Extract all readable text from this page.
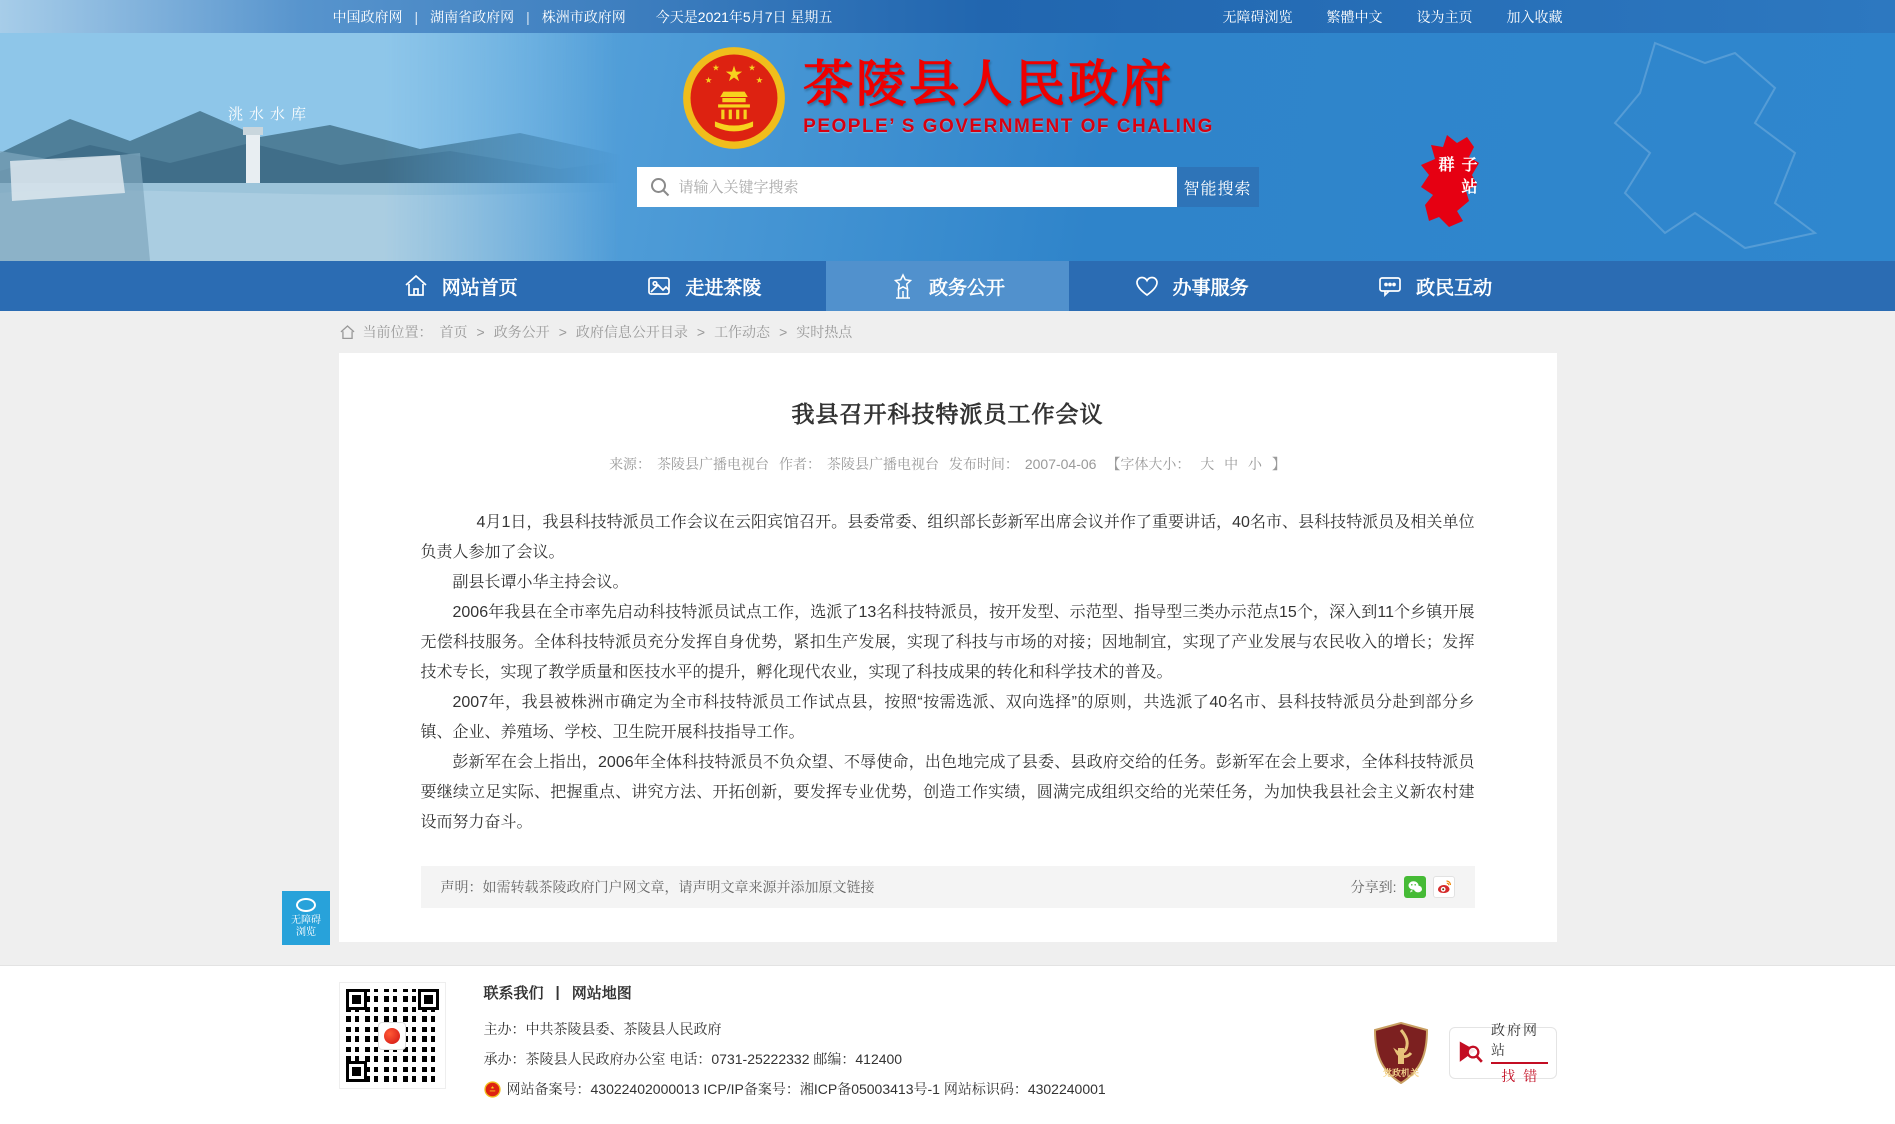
中国政府网 | 湖南省政府网 | 株洲市政府网 今天是2021年5月7日 星期五	无障碍浏览 繁體中文 设为主页 加入收藏
洮水水库
★
★	★
★	★ 茶陵县人民政府
PEOPLE’ S GOVERNMENT OF CHALING
请输入关键字搜索
智能搜索	子站群
网站首页	走进茶陵	政务公开	办事服务	政民互动
当前位置： 首页 > 政务公开 > 政府信息公开目录 > 工作动态 > 实时热点
我县召开科技特派员工作会议
来源： 茶陵县广播电视台 作者： 茶陵县广播电视台 发布时间： 2007-04-06 【字体大小： 大 中 小 】

4月1日，我县科技特派员工作会议在云阳宾馆召开。县委常委、组织部长彭新军出席会议并作了重要讲话，40名市、县科技特派员及相关单位负责人参加了会议。

副县长谭小华主持会议。

2006年我县在全市率先启动科技特派员试点工作，选派了13名科技特派员，按开发型、示范型、指导型三类办示范点15个，深入到11个乡镇开展无偿科技服务。全体科技特派员充分发挥自身优势，紧扣生产发展，实现了科技与市场的对接；因地制宜，实现了产业发展与农民收入的增长；发挥技术专长，实现了教学质量和医技水平的提升，孵化现代农业，实现了科技成果的转化和科学技术的普及。

2007年，我县被株洲市确定为全市科技特派员工作试点县，按照“按需选派、双向选择”的原则，共选派了40名市、县科技特派员分赴到部分乡镇、企业、养殖场、学校、卫生院开展科技指导工作。

彭新军在会上指出，2006年全体科技特派员不负众望、不辱使命，出色地完成了县委、县政府交给的任务。彭新军在会上要求，全体科技特派员要继续立足实际、把握重点、讲究方法、开拓创新，要发挥专业优势，创造工作实绩，圆满完成组织交给的光荣任务，为加快我县社会主义新农村建设而努力奋斗。

声明：如需转载茶陵政府门户网文章，请声明文章来源并添加原文链接	分享到:
无障碍
浏览
联系我们 | 网站地图
主办：中共茶陵县委、茶陵县人民政府
承办：茶陵县人民政府办公室 电话：0731-25222332 邮编：412400
★ 网站备案号：43022402000013 ICP/IP备案号：湘ICP备05003413号-1 网站标识码：4302240001
党政机关
政府网站
找错
